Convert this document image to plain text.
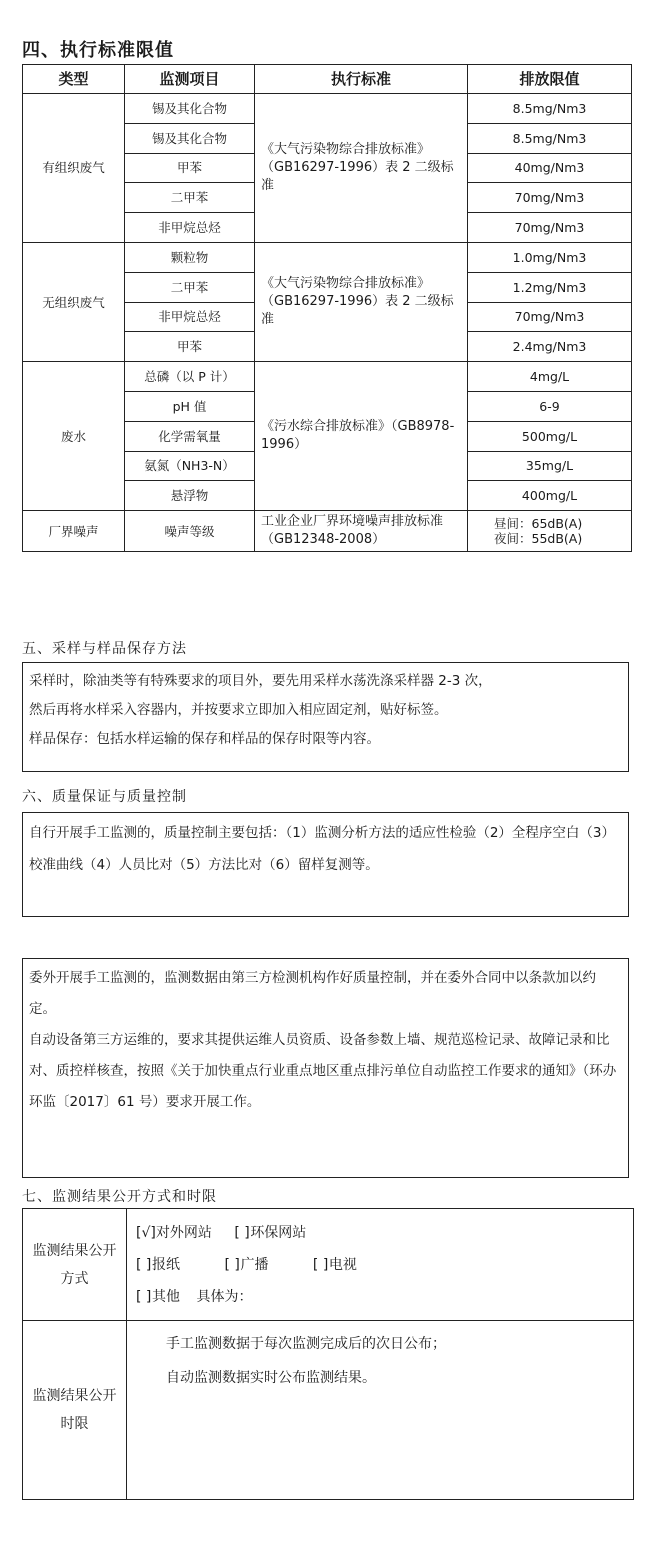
四、执行标准限值
类型	监测项目	执行标准	排放限值
有组织废气	锡及其化合物	《大气污染物综合排放标准》（GB16297-1996）表 2 二级标准	8.5mg/Nm3
	锡及其化合物		8.5mg/Nm3
	甲苯		40mg/Nm3
	二甲苯		70mg/Nm3
	非甲烷总烃		70mg/Nm3
无组织废气	颗粒物	《大气污染物综合排放标准》（GB16297-1996）表 2 二级标准	1.0mg/Nm3
	二甲苯		1.2mg/Nm3
	非甲烷总烃		70mg/Nm3
	甲苯		2.4mg/Nm3
废水	总磷（以 P 计）	《污水综合排放标准》（GB8978-1996）	4mg/L
	pH 值		6-9
	化学需氧量		500mg/L
	氨氮（NH3-N）		35mg/L
	悬浮物		400mg/L
厂界噪声	噪声等级	工业企业厂界环境噪声排放标准（GB12348-2008）	昼间：65dB(A)
夜间：55dB(A)
五、采样与样品保存方法

采样时，除油类等有特殊要求的项目外，要先用采样水荡洗涤采样器 2-3 次，

然后再将水样采入容器内，并按要求立即加入相应固定剂，贴好标签。

样品保存：包括水样运输的保存和样品的保存时限等内容。

六、质量保证与质量控制

自行开展手工监测的，质量控制主要包括：（1）监测分析方法的适应性检验（2）全程序空白（3）校准曲线（4）人员比对（5）方法比对（6）留样复测等。

委外开展手工监测的，监测数据由第三方检测机构作好质量控制，并在委外合同中以条款加以约定。

自动设备第三方运维的，要求其提供运维人员资质、设备参数上墙、规范巡检记录、故障记录和比对、质控样核查，按照《关于加快重点行业重点地区重点排污单位自动监控工作要求的通知》（环办环监〔2017〕61 号）要求开展工作。

七、监测结果公开方式和时限
监测结果公开方式	[√]对外网站 [ ]环保网站
[ ]报纸 [ ]广播 [ ]电视
[ ]其他 具体为：

监测结果公开时限	手工监测数据于每次监测完成后的次日公布；
自动监测数据实时公布监测结果。
